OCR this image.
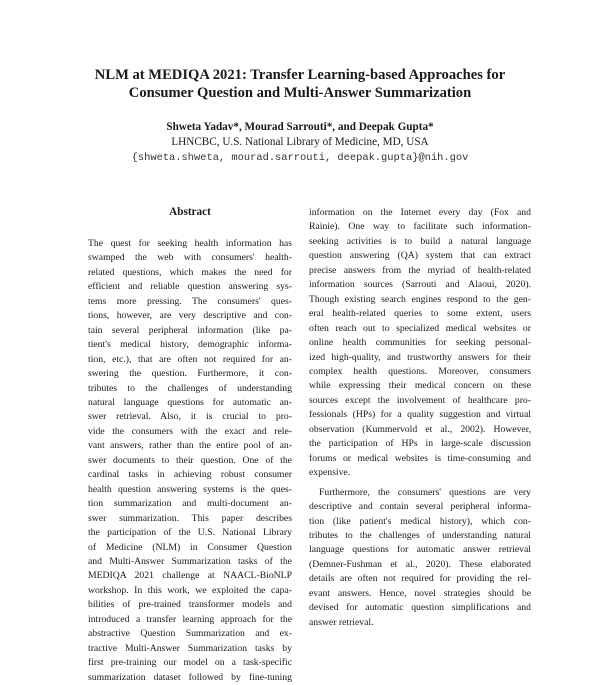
NLM at MEDIQA 2021: Transfer Learning-based Approaches for
Consumer Question and Multi-Answer Summarization
Shweta Yadav*, Mourad Sarrouti*, and Deepak Gupta*
LHNCBC, U.S. National Library of Medicine, MD, USA
{shweta.shweta, mourad.sarrouti, deepak.gupta}@nih.gov
Abstract
The quest for seeking health information has
swamped the web with consumers' health-
related questions, which makes the need for
efficient and reliable question answering sys-
tems more pressing. The consumers' ques-
tions, however, are very descriptive and con-
tain several peripheral information (like pa-
tient's medical history, demographic informa-
tion, etc.), that are often not required for an-
swering the question. Furthermore, it con-
tributes to the challenges of understanding
natural language questions for automatic an-
swer retrieval. Also, it is crucial to pro-
vide the consumers with the exact and rele-
vant answers, rather than the entire pool of an-
swer documents to their question. One of the
cardinal tasks in achieving robust consumer
health question answering systems is the ques-
tion summarization and multi-document an-
swer summarization. This paper describes
the participation of the U.S. National Library
of Medicine (NLM) in Consumer Question
and Multi-Answer Summarization tasks of the
MEDIQA 2021 challenge at NAACL-BioNLP
workshop. In this work, we exploited the capa-
bilities of pre-trained transformer models and
introduced a transfer learning approach for the
abstractive Question Summarization and ex-
tractive Multi-Answer Summarization tasks by
first pre-training our model on a task-specific
summarization dataset followed by fine-tuning
information on the Internet every day (Fox and
Rainie). One way to facilitate such information-
seeking activities is to build a natural language
question answering (QA) system that can extract
precise answers from the myriad of health-related
information sources (Sarrouti and Alaoui, 2020).
Though existing search engines respond to the gen-
eral health-related queries to some extent, users
often reach out to specialized medical websites or
online health communities for seeking personal-
ized high-quality, and trustworthy answers for their
complex health questions. Moreover, consumers
while expressing their medical concern on these
sources except the involvement of healthcare pro-
fessionals (HPs) for a quality suggestion and virtual
observation (Kummervold et al., 2002). However,
the participation of HPs in large-scale discussion
forums or medical websites is time-consuming and
expensive.
Furthermore, the consumers' questions are very
descriptive and contain several peripheral informa-
tion (like patient's medical history), which con-
tributes to the challenges of understanding natural
language questions for automatic answer retrieval
(Demner-Fushman et al., 2020). These elaborated
details are often not required for providing the rel-
evant answers. Hence, novel strategies should be
devised for automatic question simplifications and
answer retrieval.
